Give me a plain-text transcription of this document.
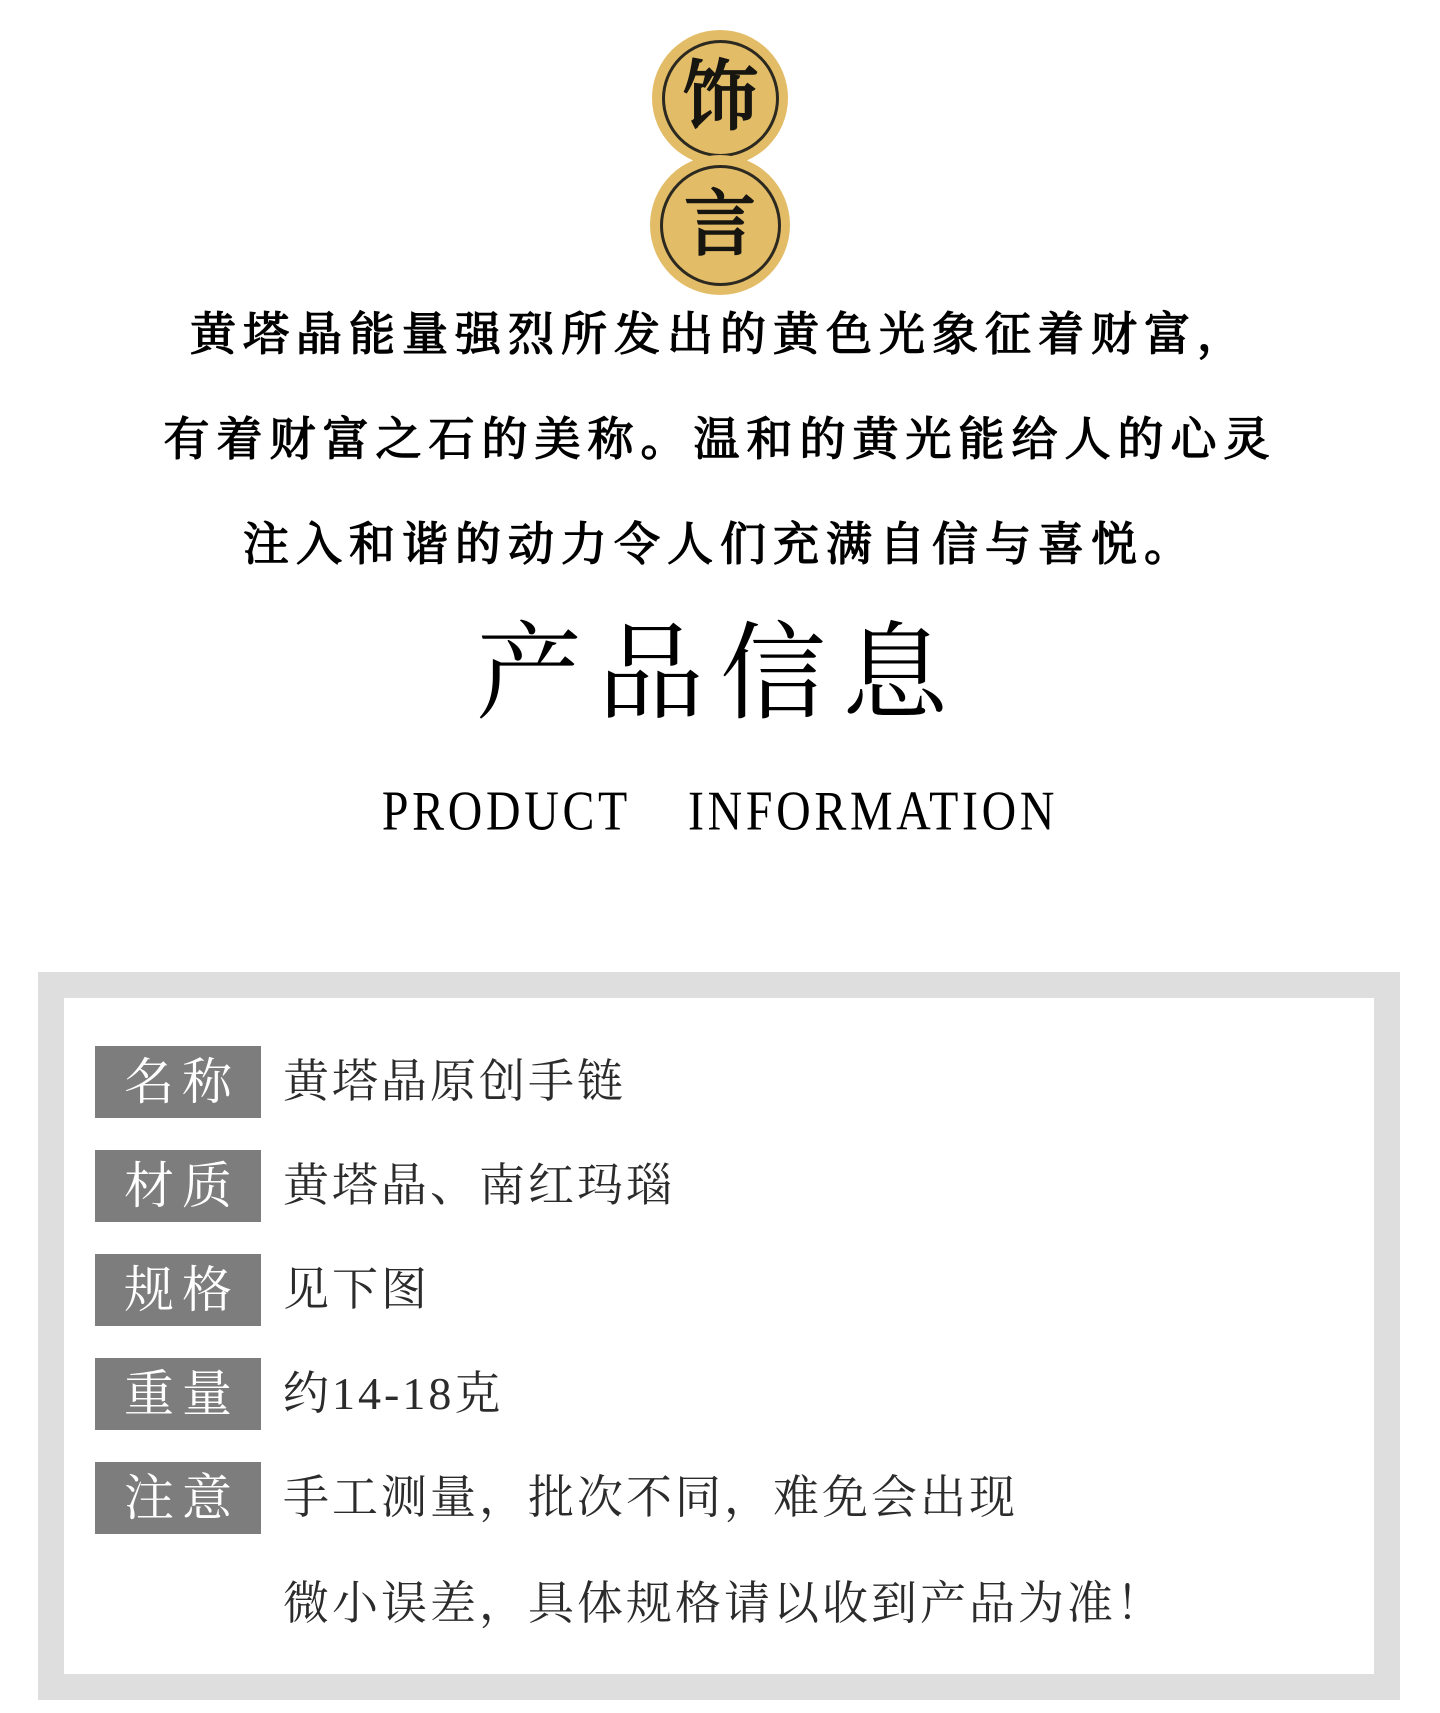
饰
言
黄塔晶能量强烈所发出的黄色光象征着财富，
有着财富之石的美称。温和的黄光能给人的心灵
注入和谐的动力令人们充满自信与喜悦。
产品信息
PRODUCT INFORMATION
名称 黄塔晶原创手链
材质 黄塔晶、南红玛瑙
规格 见下图
重量 约14-18克
注意 手工测量，批次不同，难免会出现
微小误差，具体规格请以收到产品为准！
